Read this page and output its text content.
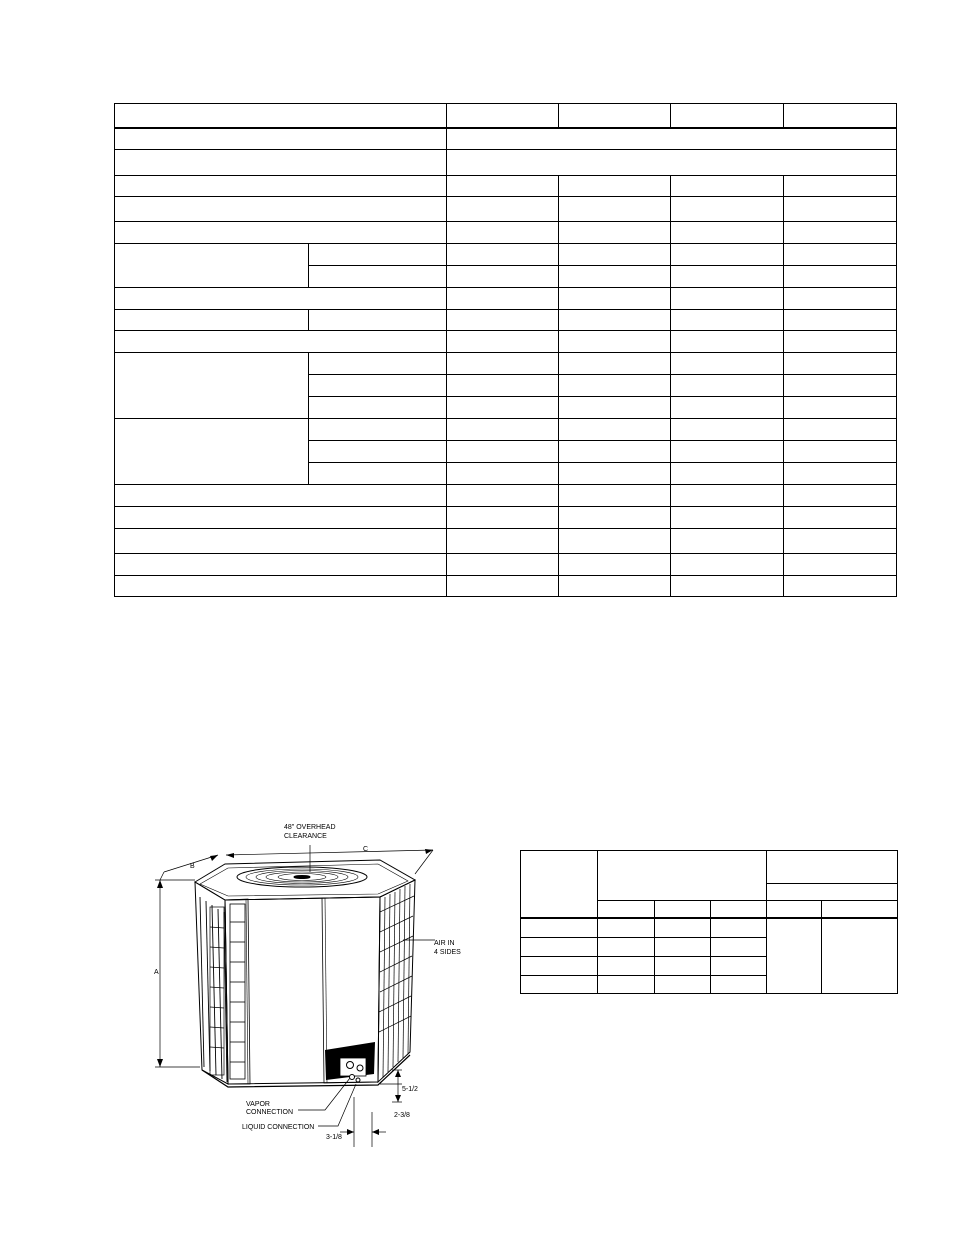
48" OVERHEAD
CLEARANCE
A
B
C
AIR IN
4 SIDES
VAPOR
CONNECTION
LIQUID CONNECTION
5-1/2
2-3/8
3-1/8
